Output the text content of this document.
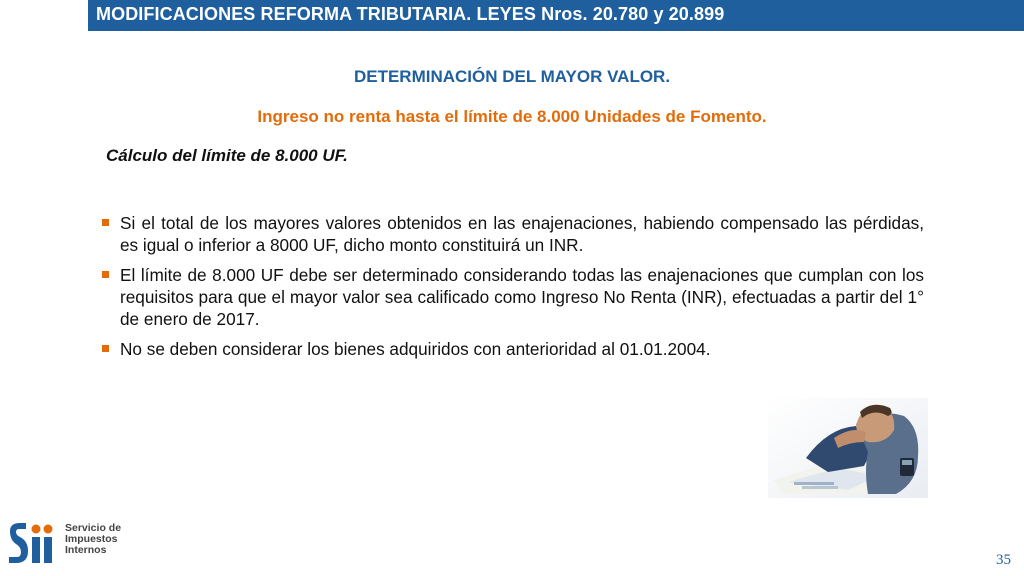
MODIFICACIONES REFORMA TRIBUTARIA. LEYES Nros. 20.780 y 20.899
DETERMINACIÓN DEL MAYOR VALOR.
Ingreso no renta hasta el límite de 8.000 Unidades de Fomento.
Cálculo del límite de 8.000 UF.
Si el total de los mayores valores obtenidos en las enajenaciones, habiendo compensado las pérdidas, es igual o inferior a 8000 UF, dicho monto constituirá un INR.
El límite de 8.000 UF debe ser determinado considerando todas las enajenaciones que cumplan con los requisitos para que el mayor valor sea calificado como Ingreso No Renta (INR), efectuadas a partir del 1° de enero de 2017.
No se deben considerar los bienes adquiridos con anterioridad al 01.01.2004.
Servicio de
Impuestos
Internos
35
